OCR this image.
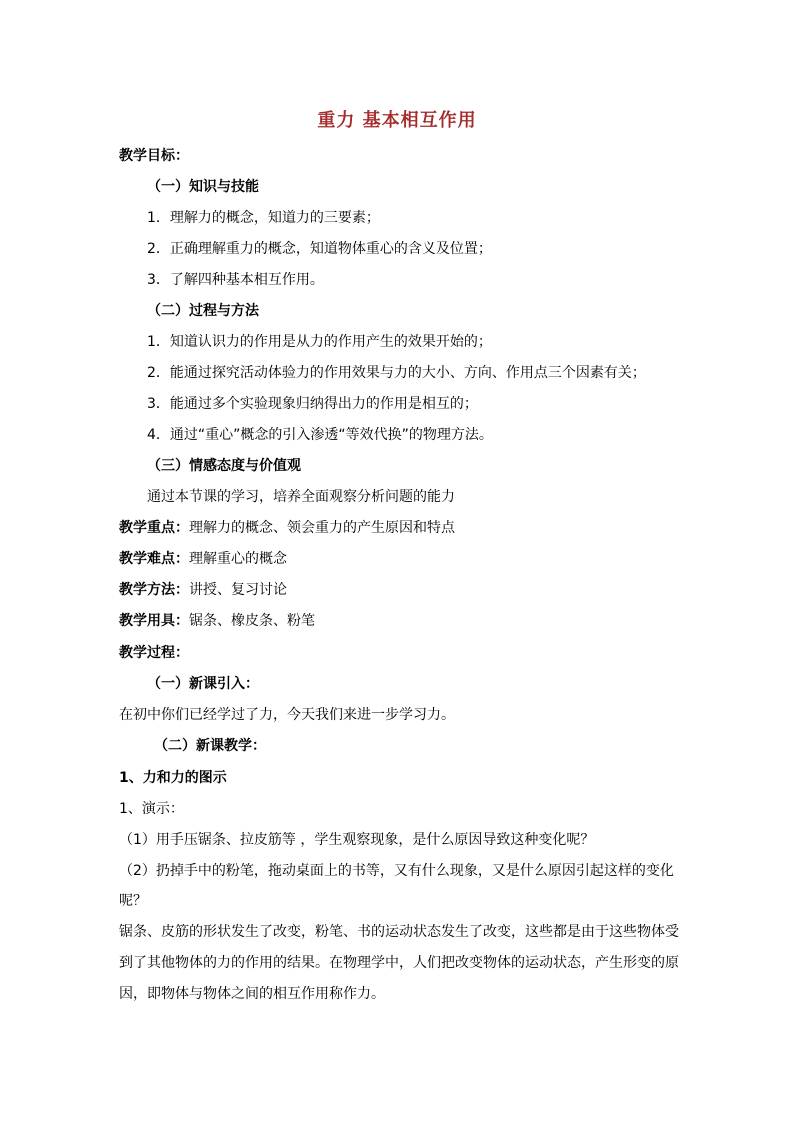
重力 基本相互作用
教学目标：
（一）知识与技能
1．理解力的概念，知道力的三要素；
2．正确理解重力的概念，知道物体重心的含义及位置；
3．了解四种基本相互作用。
（二）过程与方法
1．知道认识力的作用是从力的作用产生的效果开始的；
2．能通过探究活动体验力的作用效果与力的大小、方向、作用点三个因素有关；
3．能通过多个实验现象归纳得出力的作用是相互的；
4．通过“重心”概念的引入渗透“等效代换”的物理方法。
（三）情感态度与价值观
通过本节课的学习，培养全面观察分析问题的能力
教学重点：理解力的概念、领会重力的产生原因和特点
教学难点：理解重心的概念
教学方法：讲授、复习讨论
教学用具：锯条、橡皮条、粉笔
教学过程：
（一）新课引入：
在初中你们已经学过了力，今天我们来进一步学习力。
（二）新课教学：
1、力和力的图示
1、演示：
（1）用手压锯条、拉皮筋等 ，学生观察现象，是什么原因导致这种变化呢？
（2）扔掉手中的粉笔，拖动桌面上的书等，又有什么现象，又是什么原因引起这样的变化
呢？
锯条、皮筋的形状发生了改变，粉笔、书的运动状态发生了改变，这些都是由于这些物体受到了其他物体的力的作用的结果。在物理学中，人们把改变物体的运动状态，产生形变的原因，即物体与物体之间的相互作用称作力。
